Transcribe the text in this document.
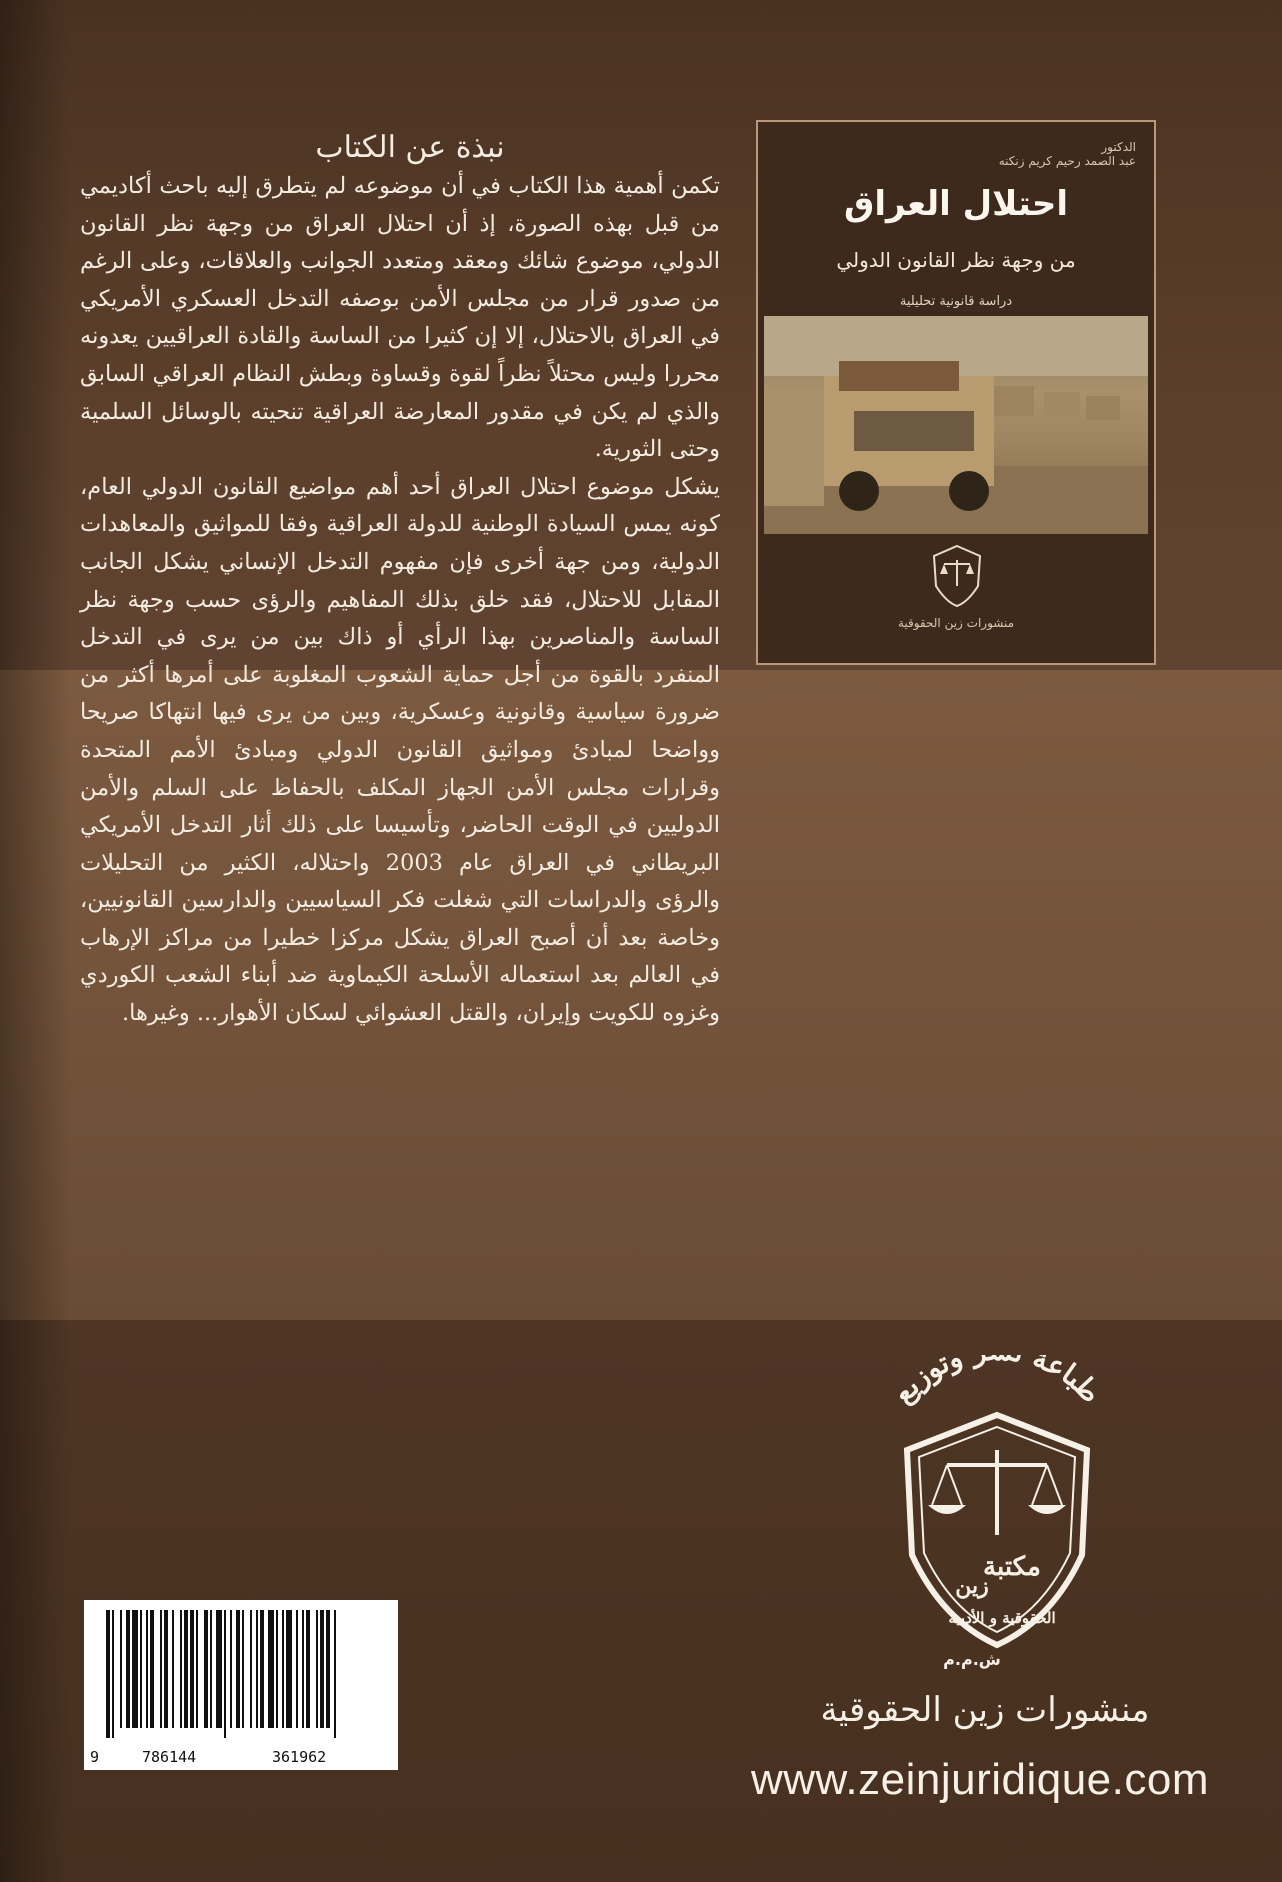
نبذة عن الكتاب

تكمن أهمية هذا الكتاب في أن موضوعه لم يتطرق إليه باحث أكاديمي من قبل بهذه الصورة، إذ أن احتلال العراق من وجهة نظر القانون الدولي، موضوع شائك ومعقد ومتعدد الجوانب والعلاقات، وعلى الرغم من صدور قرار من مجلس الأمن بوصفه التدخل العسكري الأمريكي في العراق بالاحتلال، إلا إن كثيرا من الساسة والقادة العراقيين يعدونه محررا وليس محتلاً نظراً لقوة وقساوة وبطش النظام العراقي السابق والذي لم يكن في مقدور المعارضة العراقية تنحيته بالوسائل السلمية وحتى الثورية.

يشكل موضوع احتلال العراق أحد أهم مواضيع القانون الدولي العام، كونه يمس السيادة الوطنية للدولة العراقية وفقا للمواثيق والمعاهدات الدولية، ومن جهة أخرى فإن مفهوم التدخل الإنساني يشكل الجانب المقابل للاحتلال، فقد خلق بذلك المفاهيم والرؤى حسب وجهة نظر الساسة والمناصرين بهذا الرأي أو ذاك بين من يرى في التدخل المنفرد بالقوة من أجل حماية الشعوب المغلوبة على أمرها أكثر من ضرورة سياسية وقانونية وعسكرية، وبين من يرى فيها انتهاكا صريحا وواضحا لمبادئ ومواثيق القانون الدولي ومبادئ الأمم المتحدة وقرارات مجلس الأمن الجهاز المكلف بالحفاظ على السلم والأمن الدوليين في الوقت الحاضر، وتأسيسا على ذلك أثار التدخل الأمريكي البريطاني في العراق عام 2003 واحتلاله، الكثير من التحليلات والرؤى والدراسات التي شغلت فكر السياسيين والدارسين القانونيين، وخاصة بعد أن أصبح العراق يشكل مركزا خطيرا من مراكز الإرهاب في العالم بعد استعماله الأسلحة الكيماوية ضد أبناء الشعب الكوردي وغزوه للكويت وإيران، والقتل العشوائي لسكان الأهوار... وغيرها.

الدكتور
عبد الصمد رحيم كريم زنكنه
احتلال العراق
من وجهة نظر القانون الدولي
دراسة قانونية تحليلية
منشورات زين الحقوقية
9	786144	361962
طباعة وتوزيع
مكتبة
زين
الحقوقية و الأدبية
ش.م.م
منشورات زين الحقوقية
www.zeinjuridique.com
